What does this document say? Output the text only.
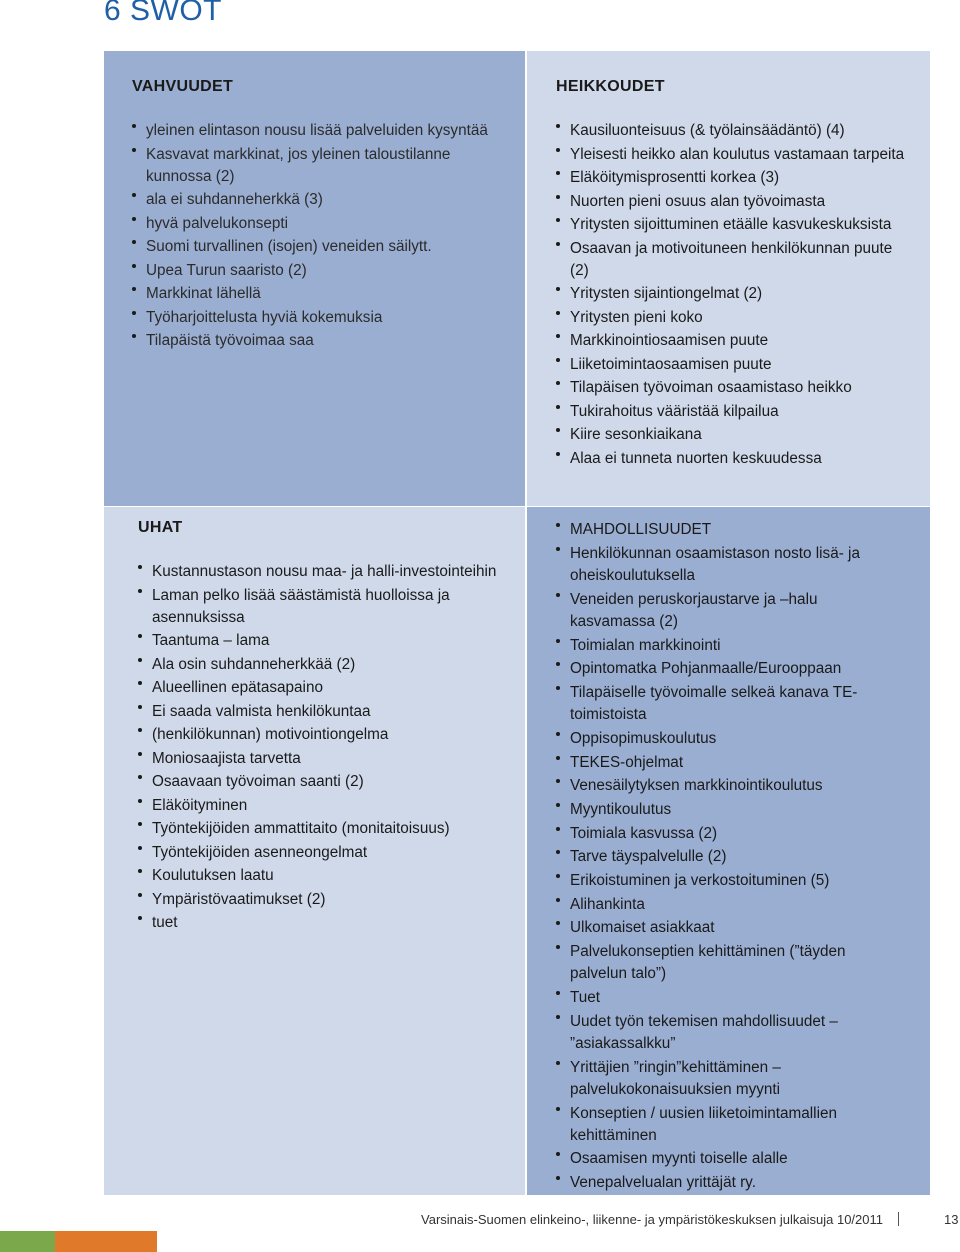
6 SWOT
VAHVUUDET
yleinen elintason nousu lisää palveluiden kysyntää
Kasvavat markkinat, jos yleinen taloustilanne kunnossa (2)
ala ei suhdanneherkkä (3)
hyvä palvelukonsepti
Suomi turvallinen (isojen) veneiden säilytt.
Upea Turun saaristo (2)
Markkinat lähellä
Työharjoittelusta hyviä kokemuksia
Tilapäistä työvoimaa saa
HEIKKOUDET
Kausiluonteisuus (& työlainsäädäntö) (4)
Yleisesti heikko alan koulutus vastamaan tarpeita
Eläköitymisprosentti korkea (3)
Nuorten pieni osuus alan työvoimasta
Yritysten sijoittuminen etäälle kasvukeskuksista
Osaavan ja motivoituneen henkilökunnan puute (2)
Yritysten sijaintiongelmat (2)
Yritysten pieni koko
Markkinointiosaamisen puute
Liiketoimintaosaamisen puute
Tilapäisen työvoiman osaamistaso heikko
Tukirahoitus vääristää kilpailua
Kiire sesonkiaikana
Alaa ei tunneta nuorten keskuudessa
UHAT
Kustannustason nousu maa- ja halli-investointeihin
Laman pelko lisää säästämistä huolloissa ja asennuksissa
Taantuma – lama
Ala osin suhdanneherkkää (2)
Alueellinen epätasapaino
Ei saada valmista henkilökuntaa
(henkilökunnan) motivointiongelma
Moniosaajista tarvetta
Osaavaan työvoiman saanti (2)
Eläköityminen
Työntekijöiden ammattitaito (monitaitoisuus)
Työntekijöiden asenneongelmat
Koulutuksen laatu
Ympäristövaatimukset (2)
tuet
MAHDOLLISUUDET
Henkilökunnan osaamistason nosto lisä- ja oheiskoulutuksella
Veneiden peruskorjaustarve ja –halu kasvamassa (2)
Toimialan markkinointi
Opintomatka Pohjanmaalle/Eurooppaan
Tilapäiselle työvoimalle selkeä kanava TE-toimistoista
Oppisopimuskoulutus
TEKES-ohjelmat
Venesäilytyksen markkinointikoulutus
Myyntikoulutus
Toimiala kasvussa (2)
Tarve täyspalvelulle (2)
Erikoistuminen ja verkostoituminen (5)
Alihankinta
Ulkomaiset asiakkaat
Palvelukonseptien kehittäminen (”täyden palvelun talo”)
Tuet
Uudet työn tekemisen mahdollisuudet – ”asiakassalkku”
Yrittäjien ”ringin”kehittäminen – palvelukokonaisuuksien myynti
Konseptien / uusien liiketoimintamallien kehittäminen
Osaamisen myynti toiselle alalle
Venepalvelualan yrittäjät ry.
Varsinais-Suomen elinkeino-, liikenne- ja ympäristökeskuksen julkaisuja 10/2011	13
